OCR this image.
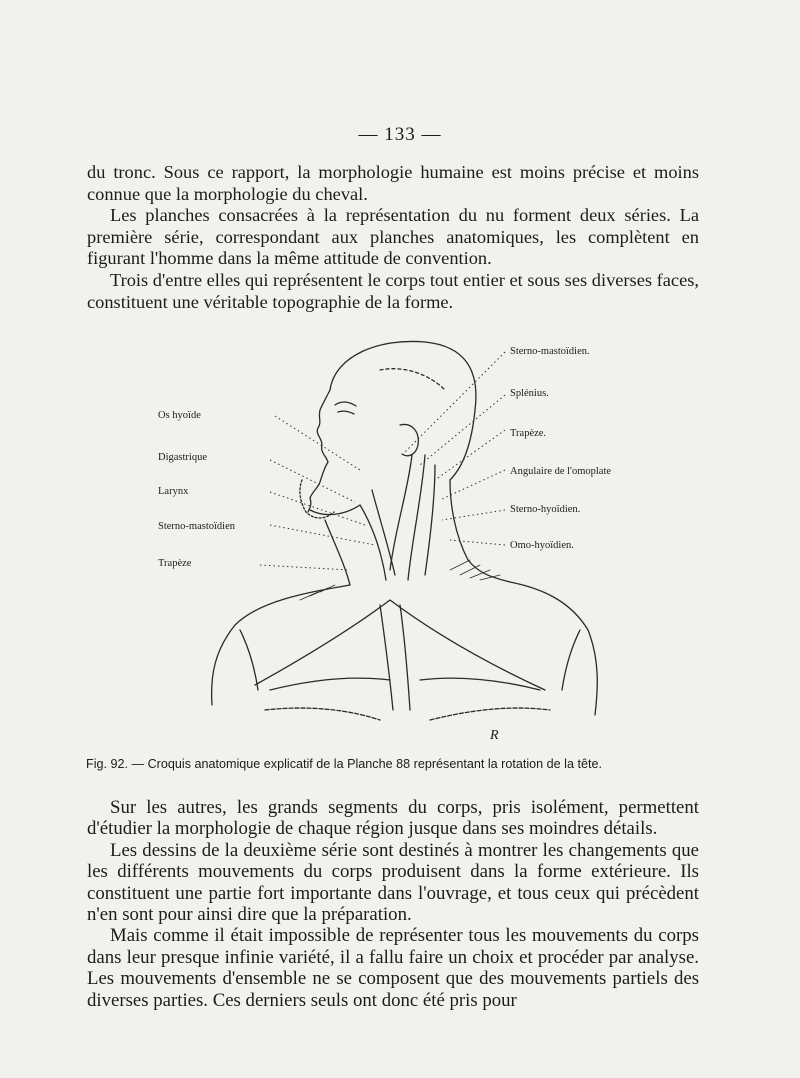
— 133 —

du tronc. Sous ce rapport, la morphologie humaine est moins précise et moins connue que la morphologie du cheval.

Les planches consacrées à la représentation du nu forment deux séries. La première série, correspondant aux planches anatomiques, les complètent en figurant l'homme dans la même attitude de convention.

Trois d'entre elles qui représentent le corps tout entier et sous ses diverses faces, constituent une véritable topographie de la forme.

Os hyoïde
Digastrique
Larynx
Sterno-mastoïdien
Trapèze
Sterno-mastoïdien.
Splénius.
Trapèze.
Angulaire de l'omoplate
Sterno-hyoïdien.
Omo-hyoïdien.
R
Fig. 92. — Croquis anatomique explicatif de la Planche 88 représentant la rotation de la tête.

Sur les autres, les grands segments du corps, pris isolément, permettent d'étudier la morphologie de chaque région jusque dans ses moindres détails.

Les dessins de la deuxième série sont destinés à montrer les changements que les différents mouvements du corps produisent dans la forme extérieure. Ils constituent une partie fort importante dans l'ouvrage, et tous ceux qui précèdent n'en sont pour ainsi dire que la préparation.

Mais comme il était impossible de représenter tous les mouvements du corps dans leur presque infinie variété, il a fallu faire un choix et procéder par analyse. Les mouvements d'ensemble ne se composent que des mouvements partiels des diverses parties. Ces derniers seuls ont donc été pris pour
